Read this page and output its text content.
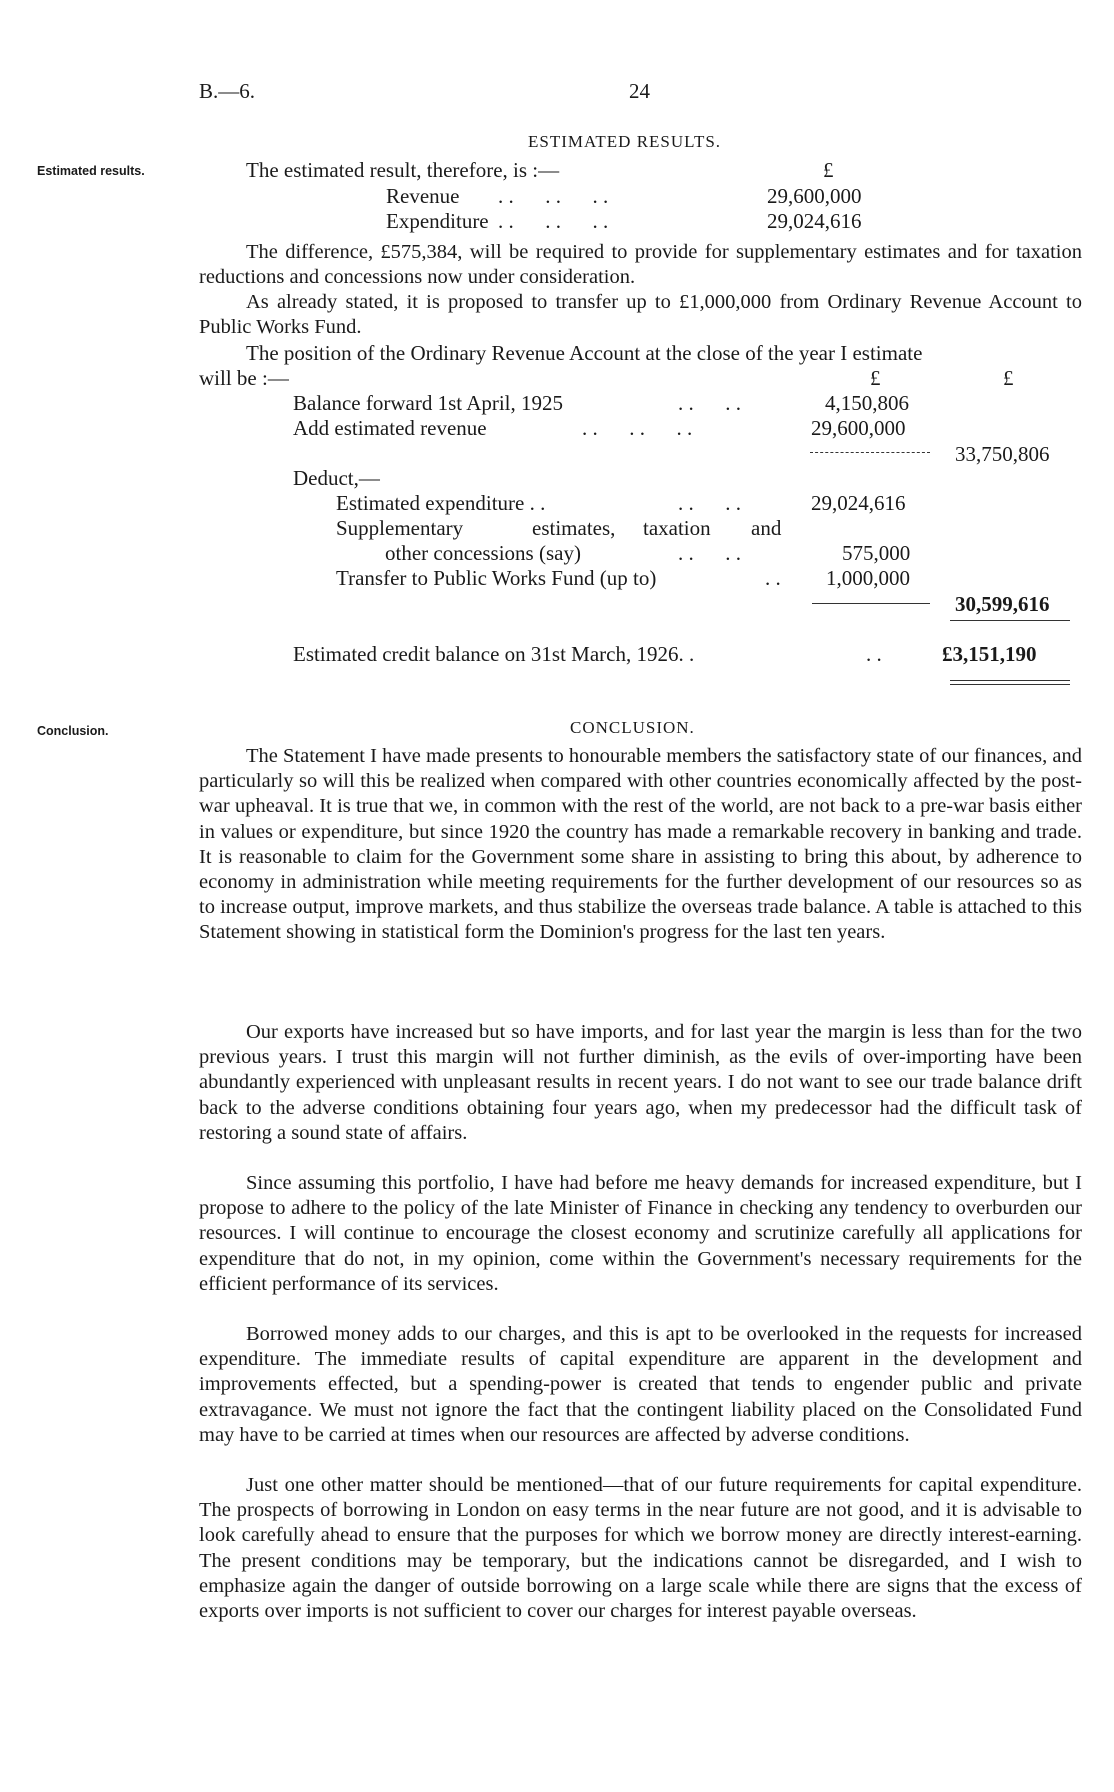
B.—6.	24
Estimated results.
ESTIMATED RESULTS.
The estimated result, therefore, is :—	£
Revenue . .      . .      . .	29,600,000
Expenditure . .      . .      . .	29,024,616
The difference, £575,384, will be required to provide for supplementary estimates and for taxation reductions and concessions now under consideration.
As already stated, it is proposed to transfer up to £1,000,000 from Ordinary Revenue Account to Public Works Fund.
The position of the Ordinary Revenue Account at the close of the year I estimate
will be :—	£	£
Balance forward 1st April, 1925	. .      . .	4,150,806
Add estimated revenue	. .      . .      . .	29,600,000
33,750,806
Deduct,—
Estimated expenditure . .	. .      . .	29,024,616
Supplementary	estimates, taxation and
other concessions (say)	. .      . .	575,000
Transfer to Public Works Fund (up to)	. . 1,000,000
30,599,616
Estimated credit balance on 31st March, 1926. .	. .	£3,151,190
Conclusion.	CONCLUSION.
The Statement I have made presents to honourable members the satisfactory state of our finances, and particularly so will this be realized when compared with other countries economically affected by the post-war upheaval. It is true that we, in common with the rest of the world, are not back to a pre-war basis either in values or expenditure, but since 1920 the country has made a remarkable recovery in banking and trade. It is reasonable to claim for the Government some share in assisting to bring this about, by adherence to economy in administration while meeting requirements for the further development of our resources so as to increase output, improve markets, and thus stabilize the overseas trade balance. A table is attached to this Statement showing in statistical form the Dominion's progress for the last ten years.
Our exports have increased but so have imports, and for last year the margin is less than for the two previous years. I trust this margin will not further diminish, as the evils of over-importing have been abundantly experienced with unpleasant results in recent years. I do not want to see our trade balance drift back to the adverse conditions obtaining four years ago, when my predecessor had the difficult task of restoring a sound state of affairs.
Since assuming this portfolio, I have had before me heavy demands for increased expenditure, but I propose to adhere to the policy of the late Minister of Finance in checking any tendency to overburden our resources. I will continue to encourage the closest economy and scrutinize carefully all applications for expenditure that do not, in my opinion, come within the Government's necessary requirements for the efficient performance of its services.
Borrowed money adds to our charges, and this is apt to be overlooked in the requests for increased expenditure. The immediate results of capital expenditure are apparent in the development and improvements effected, but a spending-power is created that tends to engender public and private extravagance. We must not ignore the fact that the contingent liability placed on the Consolidated Fund may have to be carried at times when our resources are affected by adverse conditions.
Just one other matter should be mentioned—that of our future requirements for capital expenditure. The prospects of borrowing in London on easy terms in the near future are not good, and it is advisable to look carefully ahead to ensure that the purposes for which we borrow money are directly interest-earning. The present conditions may be temporary, but the indications cannot be disregarded, and I wish to emphasize again the danger of outside borrowing on a large scale while there are signs that the excess of exports over imports is not sufficient to cover our charges for interest payable overseas.
